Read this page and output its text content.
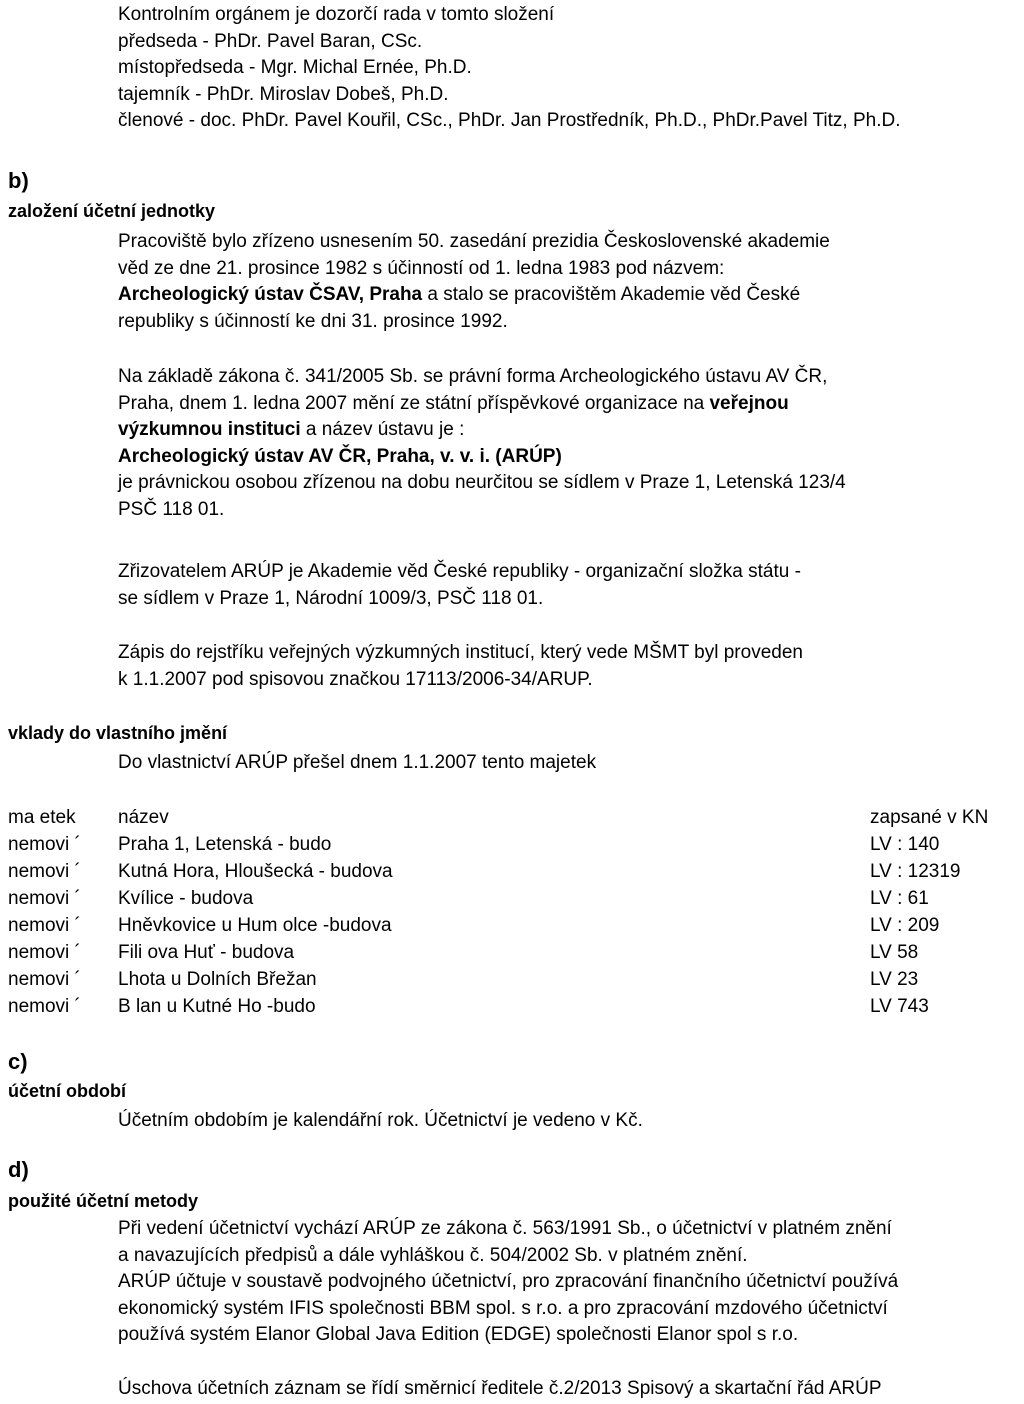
Kontrolním orgánem je dozorčí rada v tomto složení
předseda - PhDr. Pavel Baran, CSc.
místopředseda - Mgr. Michal Ernée, Ph.D.
tajemník - PhDr. Miroslav Dobeš, Ph.D.
členové - doc. PhDr. Pavel Kouřil, CSc., PhDr. Jan Prostředník, Ph.D., PhDr.Pavel Titz, Ph.D.
b)
založení účetní jednotky
Pracoviště bylo zřízeno usnesením 50. zasedání prezidia Československé akademie
věd ze dne 21. prosince 1982 s účinností od 1. ledna 1983 pod názvem:
Archeologický ústav ČSAV, Praha a stalo se pracovištěm Akademie věd České
republiky s účinností ke dni 31. prosince 1992.
Na základě zákona č. 341/2005 Sb. se právní forma Archeologického ústavu AV ČR,
Praha, dnem 1. ledna 2007 mění ze státní příspěvkové organizace na veřejnou
výzkumnou instituci a název ústavu je :
Archeologický ústav AV ČR, Praha, v. v. i. (ARÚP)
je právnickou osobou zřízenou na dobu neurčitou se sídlem v Praze 1, Letenská 123/4
PSČ 118 01.
Zřizovatelem ARÚP je Akademie věd České republiky - organizační složka státu -
se sídlem v Praze 1, Národní 1009/3, PSČ 118 01.
Zápis do rejstříku veřejných výzkumných institucí, který vede MŠMT byl proveden
k 1.1.2007 pod spisovou značkou 17113/2006-34/ARUP.
vklady do vlastního jmění
Do vlastnictví ARÚP přešel dnem 1.1.2007 tento majetek
ma etek	název	zapsané v KN
nemovi ´	Praha 1, Letenská - budo	LV : 140
nemovi ´	Kutná Hora, Hloušecká - budova	LV : 12319
nemovi ´	Kvílice - budova	LV : 61
nemovi ´	Hněvkovice u Hum olce -budova	LV : 209
nemovi ´	Fili ova Huť - budova	LV 58
nemovi ´	Lhota u Dolních Břežan	LV 23
nemovi ´	B lan u Kutné Ho -budo	LV 743
c)
účetní období
Účetním obdobím je kalendářní rok. Účetnictví je vedeno v Kč.
d)
použité účetní metody
Při vedení účetnictví vychází ARÚP ze zákona č. 563/1991 Sb., o účetnictví v platném znění
a navazujících předpisů a dále vyhláškou č. 504/2002 Sb. v platném znění.
ARÚP účtuje v soustavě podvojného účetnictví, pro zpracování finančního účetnictví používá
ekonomický systém IFIS společnosti BBM spol. s r.o. a pro zpracování mzdového účetnictví
používá systém Elanor Global Java Edition (EDGE) společnosti Elanor spol s r.o.
Úschova účetních záznam se řídí směrnicí ředitele č.2/2013 Spisový a skartační řád ARÚP
